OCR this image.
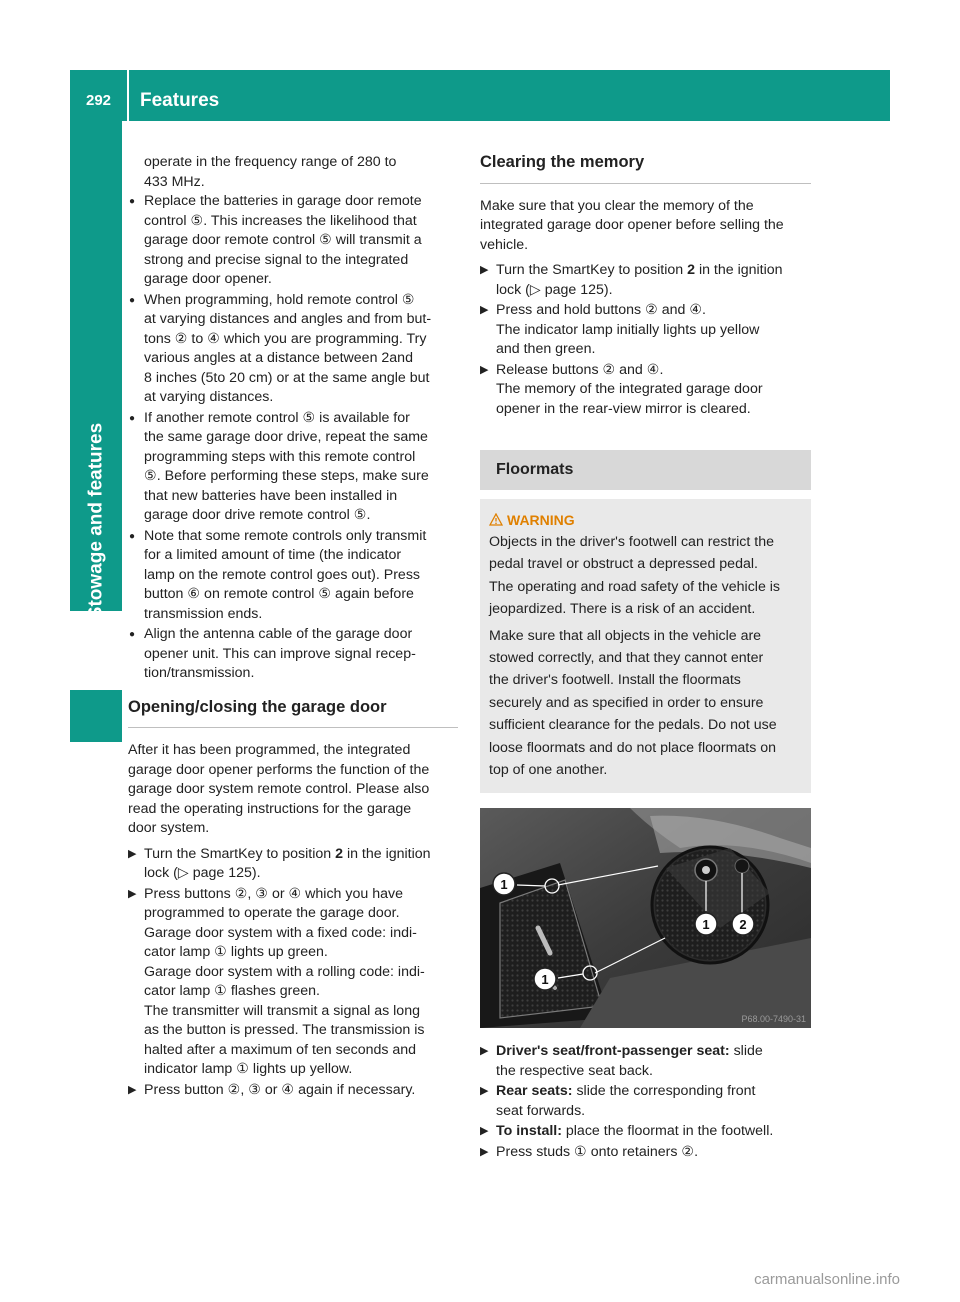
292	Features
Stowage and features

operate in the frequency range of 280 to

433 MHz.

● Replace the batteries in garage door remote
control ⑤. This increases the likelihood that
garage door remote control ⑤ will transmit a
strong and precise signal to the integrated
garage door opener.
● When programming, hold remote control ⑤
at varying distances and angles and from but-
tons ② to ④ which you are programming. Try
various angles at a distance between 2and
8 inches (5to 20 cm) or at the same angle but
at varying distances.
● If another remote control ⑤ is available for
the same garage door drive, repeat the same
programming steps with this remote control
⑤. Before performing these steps, make sure
that new batteries have been installed in
garage door drive remote control ⑤.
● Note that some remote controls only transmit
for a limited amount of time (the indicator
lamp on the remote control goes out). Press
button ⑥ on remote control ⑤ again before
transmission ends.
● Align the antenna cable of the garage door
opener unit. This can improve signal recep-
tion/transmission.
Opening/closing the garage door
After it has been programmed, the integrated
garage door opener performs the function of the
garage door system remote control. Please also
read the operating instructions for the garage
door system.
▶ Turn the SmartKey to position 2 in the ignition
lock (▷ page 125).
▶ Press buttons ②, ③ or ④ which you have
programmed to operate the garage door.
Garage door system with a fixed code: indi-
cator lamp ① lights up green.
Garage door system with a rolling code: indi-
cator lamp ① flashes green.
The transmitter will transmit a signal as long
as the button is pressed. The transmission is
halted after a maximum of ten seconds and
indicator lamp ① lights up yellow.
▶ Press button ②, ③ or ④ again if necessary.
Clearing the memory
Make sure that you clear the memory of the
integrated garage door opener before selling the
vehicle.
▶ Turn the SmartKey to position 2 in the ignition
lock (▷ page 125).
▶ Press and hold buttons ② and ④.
The indicator lamp initially lights up yellow
and then green.
▶ Release buttons ② and ④.
The memory of the integrated garage door
opener in the rear-view mirror is cleared.
Floormats
WARNING
Objects in the driver's footwell can restrict the
pedal travel or obstruct a depressed pedal.
The operating and road safety of the vehicle is
jeopardized. There is a risk of an accident.
Make sure that all objects in the vehicle are
stowed correctly, and that they cannot enter
the driver's footwell. Install the floormats
securely and as specified in order to ensure
sufficient clearance for the pedals. Do not use
loose floormats and do not place floormats on
top of one another.
1
1
1 2
P68.00-7490-31
▶ Driver's seat/front-passenger seat: slide
the respective seat back.
▶ Rear seats: slide the corresponding front
seat forwards.
▶ To install: place the floormat in the footwell.
▶ Press studs ① onto retainers ②.
carmanualsonline.info
